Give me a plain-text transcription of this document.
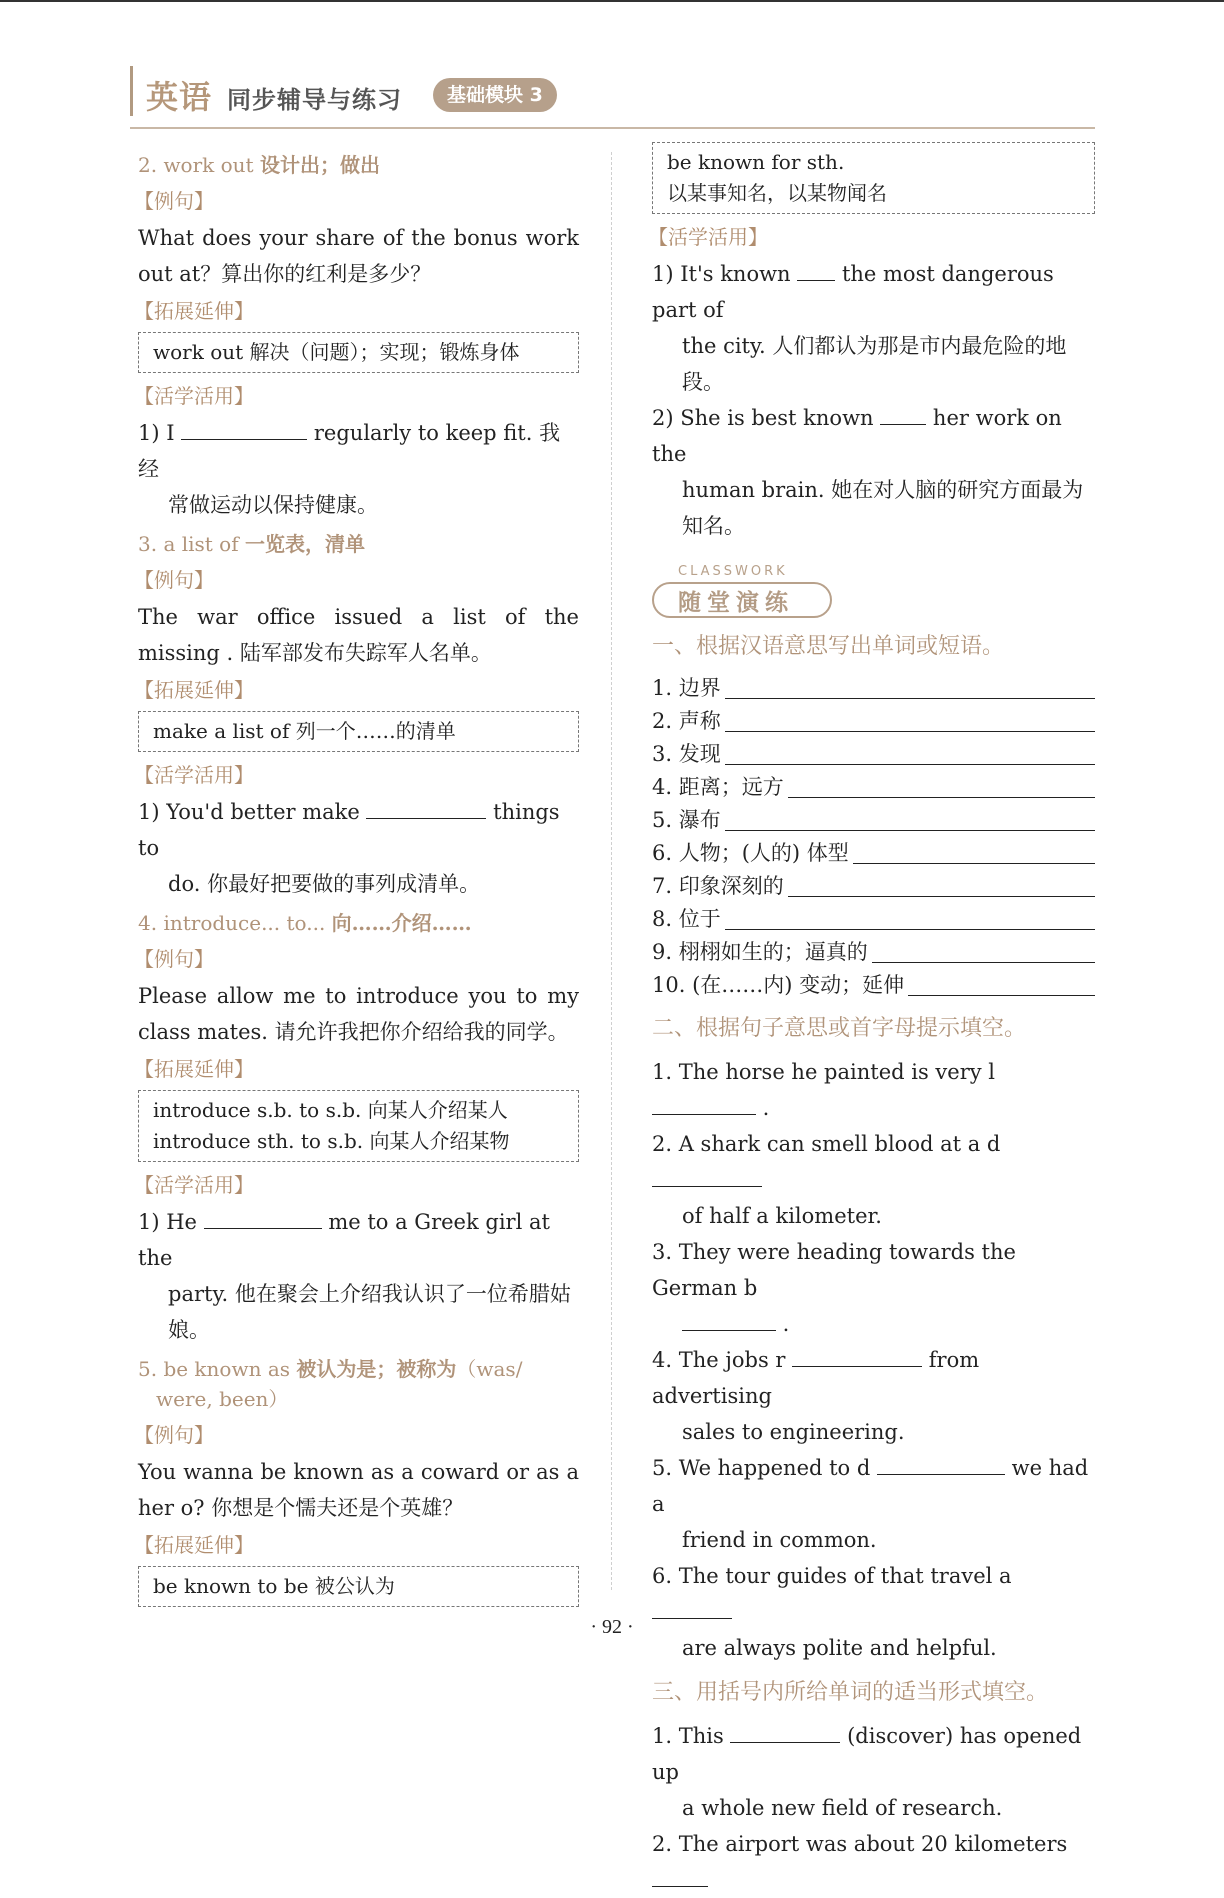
英语 同步辅导与练习	基础模块 3
2. work out 设计出；做出
【例句】
What does your share of the bonus work out at？算出你的红利是多少？
【拓展延伸】
work out 解决（问题）；实现；锻炼身体
【活学活用】
1) I	regularly to keep fit. 我经
常做运动以保持健康。
3. a list of 一览表，清单
【例句】
The war office issued a list of the missing . 陆军部发布失踪军人名单。
【拓展延伸】
make a list of 列一个……的清单
【活学活用】
1) You'd better make	things to
do. 你最好把要做的事列成清单。
4. introduce... to... 向……介绍……
【例句】
Please allow me to introduce you to my class mates. 请允许我把你介绍给我的同学。
【拓展延伸】
introduce s.b. to s.b. 向某人介绍某人
introduce sth. to s.b. 向某人介绍某物
【活学活用】
1) He	me to a Greek girl at the
party. 他在聚会上介绍我认识了一位希腊姑娘。
5. be known as 被认为是；被称为（was/
were, been）
【例句】
You wanna be known as a coward or as a her o? 你想是个懦夫还是个英雄？
【拓展延伸】
be known to be 被公认为
be known for sth.
以某事知名，以某物闻名
【活学活用】
1) It's known  the most dangerous part of
the city. 人们都认为那是市内最危险的地段。
2) She is best known  her work on the
human brain. 她在对人脑的研究方面最为知名。
CLASSWORK
随堂演练
一、根据汉语意思写出单词或短语。
1. 边界
2. 声称
3. 发现
4. 距离；远方
5. 瀑布
6. 人物；(人的) 体型
7. 印象深刻的
8. 位于
9. 栩栩如生的；逼真的
10. (在……内) 变动；延伸
二、根据句子意思或首字母提示填空。
1. The horse he painted is very l  .
2. A shark can smell blood at a d
of half a kilometer.
3. They were heading towards the German b
.
4. The jobs r	from advertising
sales to engineering.
5. We happened to d	we had a
friend in common.
6. The tour guides of that travel a
are always polite and helpful.
三、用括号内所给单词的适当形式填空。
1. This	(discover) has opened up
a whole new field of research.
2. The airport was about 20 kilometers
· 92 ·
